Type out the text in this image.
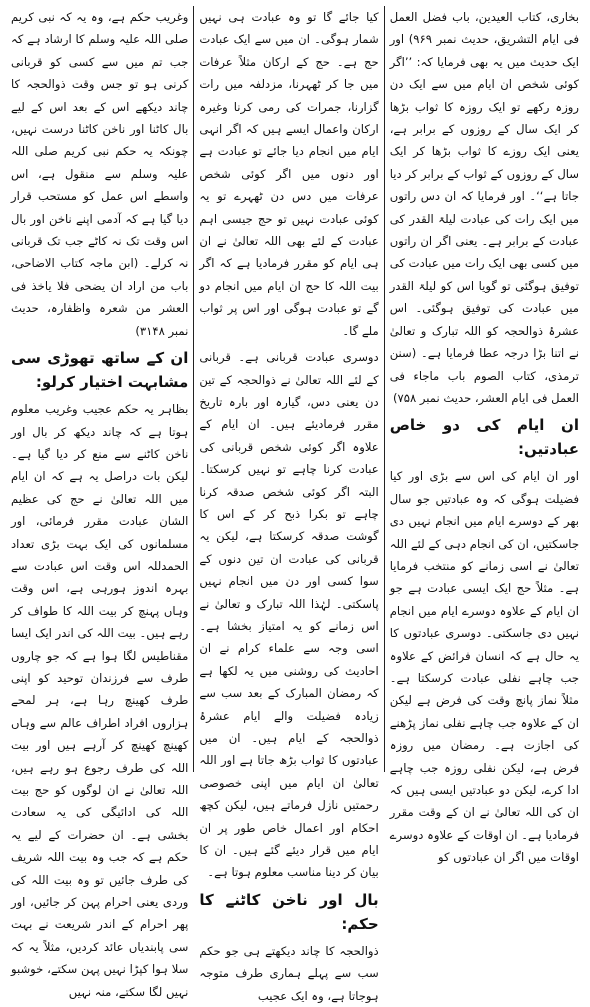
بخاری، کتاب العیدین، باب فضل العمل فی ایام التشریق، حدیث نمبر ۹۶۹) اور ایک حدیث میں یہ بھی فرمایا کہ: ’’اگر کوئی شخص ان ایام میں سے ایک دن روزہ رکھے تو ایک روزہ کا ثواب بڑھا کر ایک سال کے روزوں کے برابر ہے، یعنی ایک روزے کا ثواب بڑھا کر ایک سال کے روزوں کے ثواب کے برابر کر دیا جاتا ہے‘‘۔ اور فرمایا کہ ان دس راتوں میں ایک رات کی عبادت لیلۃ القدر کی عبادت کے برابر ہے۔ یعنی اگر ان راتوں میں کسی بھی ایک رات میں عبادت کی توفیق ہوگئی تو گویا اس کو لیلۃ القدر میں عبادت کی توفیق ہوگئی۔ اس عشرۂ ذوالحجہ کو اللہ تبارک و تعالیٰ نے اتنا بڑا درجہ عطا فرمایا ہے۔ (سنن ترمذی، کتاب الصوم باب ماجاء فی العمل فی ایام العشر، حدیث نمبر ۷۵۸)

ان ایام کی دو خاص عبادتیں:

اور ان ایام کی اس سے بڑی اور کیا فضیلت ہوگی کہ وہ عبادتیں جو سال بھر کے دوسرے ایام میں انجام نہیں دی جاسکتیں، ان کی انجام دہی کے لئے اللہ تعالیٰ نے اسی زمانے کو منتخب فرمایا ہے۔ مثلاً حج ایک ایسی عبادت ہے جو ان ایام کے علاوہ دوسرے ایام میں انجام نہیں دی جاسکتی۔ دوسری عبادتوں کا یہ حال ہے کہ انسان فرائض کے علاوہ جب چاہے نفلی عبادت کرسکتا ہے۔ مثلاً نماز پانچ وقت کی فرض ہے لیکن ان کے علاوہ جب چاہے نفلی نماز پڑھنے کی اجازت ہے۔ رمضان میں روزہ فرض ہے، لیکن نفلی روزہ جب چاہے ادا کرے، لیکن دو عبادتیں ایسی ہیں کہ ان کی اللہ تعالیٰ نے ان کے وقت مقرر فرمادیا ہے۔ ان اوقات کے علاوہ دوسرے اوقات میں اگر ان عبادتوں کو

کیا جائے گا تو وہ عبادت ہی نہیں شمار ہوگی۔ ان میں سے ایک عبادت حج ہے۔ حج کے ارکان مثلاً عرفات میں جا کر ٹھہرنا، مزدلفہ میں رات گزارنا، جمرات کی رمی کرنا وغیرہ ارکان واعمال ایسے ہیں کہ اگر انہی ایام میں انجام دیا جائے تو عبادت ہے اور دنوں میں اگر کوئی شخص عرفات میں دس دن ٹھہرے تو یہ کوئی عبادت نہیں تو حج جیسی اہم عبادت کے لئے بھی اللہ تعالیٰ نے ان ہی ایام کو مقرر فرمادیا ہے کہ اگر بیت اللہ کا حج ان ایام میں انجام دو گے تو عبادت ہوگی اور اس پر ثواب ملے گا۔

دوسری عبادت قربانی ہے۔ قربانی کے لئے اللہ تعالیٰ نے ذوالحجہ کے تین دن یعنی دس، گیارہ اور بارہ تاریخ مقرر فرمادیئے ہیں۔ ان ایام کے علاوہ اگر کوئی شخص قربانی کی عبادت کرنا چاہے تو نہیں کرسکتا۔ البتہ اگر کوئی شخص صدقہ کرنا چاہے تو بکرا ذبح کر کے اس کا گوشت صدقہ کرسکتا ہے، لیکن یہ قربانی کی عبادت ان تین دنوں کے سوا کسی اور دن میں انجام نہیں پاسکتی۔ لہٰذا اللہ تبارک و تعالیٰ نے اس زمانے کو یہ امتیاز بخشا ہے۔ اسی وجہ سے علماء کرام نے ان احادیث کی روشنی میں یہ لکھا ہے کہ رمضان المبارک کے بعد سب سے زیادہ فضیلت والے ایام عشرۂ ذوالحجہ کے ایام ہیں۔ ان میں عبادتوں کا ثواب بڑھ جاتا ہے اور اللہ تعالیٰ ان ایام میں اپنی خصوصی رحمتیں نازل فرماتے ہیں، لیکن کچھ احکام اور اعمال خاص طور پر ان ایام میں قرار دیئے گئے ہیں۔ ان کا بیان کر دینا مناسب معلوم ہوتا ہے۔

بال اور ناخن کاٹنے کا حکم:

ذوالحجہ کا چاند دیکھتے ہی جو حکم سب سے پہلے ہماری طرف متوجہ ہوجاتا ہے، وہ ایک عجیب

وغریب حکم ہے، وہ یہ کہ نبی کریم صلی اللہ علیہ وسلم کا ارشاد ہے کہ جب تم میں سے کسی کو قربانی کرنی ہو تو جس وقت ذوالحجہ کا چاند دیکھے اس کے بعد اس کے لیے بال کاٹنا اور ناخن کاٹنا درست نہیں، چونکہ یہ حکم نبی کریم صلی اللہ علیہ وسلم سے منقول ہے، اس واسطے اس عمل کو مستحب قرار دیا گیا ہے کہ آدمی اپنے ناخن اور بال اس وقت تک نہ کاٹے جب تک قربانی نہ کرلے۔ (ابن ماجہ کتاب الاضاحی، باب من اراد ان یضحی فلا یاخذ فی العشر من شعرہ واظفارہ، حدیث نمبر ۳۱۴۸)

ان کے ساتھ تھوڑی سی مشابہت اختیار کرلو:

بظاہر یہ حکم عجیب وغریب معلوم ہوتا ہے کہ چاند دیکھ کر بال اور ناخن کاٹنے سے منع کر دیا گیا ہے۔ لیکن بات دراصل یہ ہے کہ ان ایام میں اللہ تعالیٰ نے حج کی عظیم الشان عبادت مقرر فرمائی، اور مسلمانوں کی ایک بہت بڑی تعداد الحمدللہ اس وقت اس عبادت سے بہرہ اندوز ہورہی ہے، اس وقت وہاں پہنچ کر بیت اللہ کا طواف کر رہے ہیں۔ بیت اللہ کی اندر ایک ایسا مقناطیس لگا ہوا ہے کہ جو چاروں طرف سے فرزندان توحید کو اپنی طرف کھینچ رہا ہے، ہر لمحے ہزاروں افراد اطراف عالم سے وہاں کھینچ کھینچ کر آرہے ہیں اور بیت اللہ کی طرف رجوع ہو رہے ہیں، اللہ تعالیٰ نے ان لوگوں کو حج بیت اللہ کی ادائیگی کی یہ سعادت بخشی ہے۔ ان حضرات کے لیے یہ حکم ہے کہ جب وہ بیت اللہ شریف کی طرف جائیں تو وہ بیت اللہ کی وردی یعنی احرام پہن کر جائیں، اور پھر احرام کے اندر شریعت نے بہت سی پابندیاں عائد کردیں، مثلاً یہ کہ سلا ہوا کپڑا نہیں پہن سکتے، خوشبو نہیں لگا سکتے، منہ نہیں
